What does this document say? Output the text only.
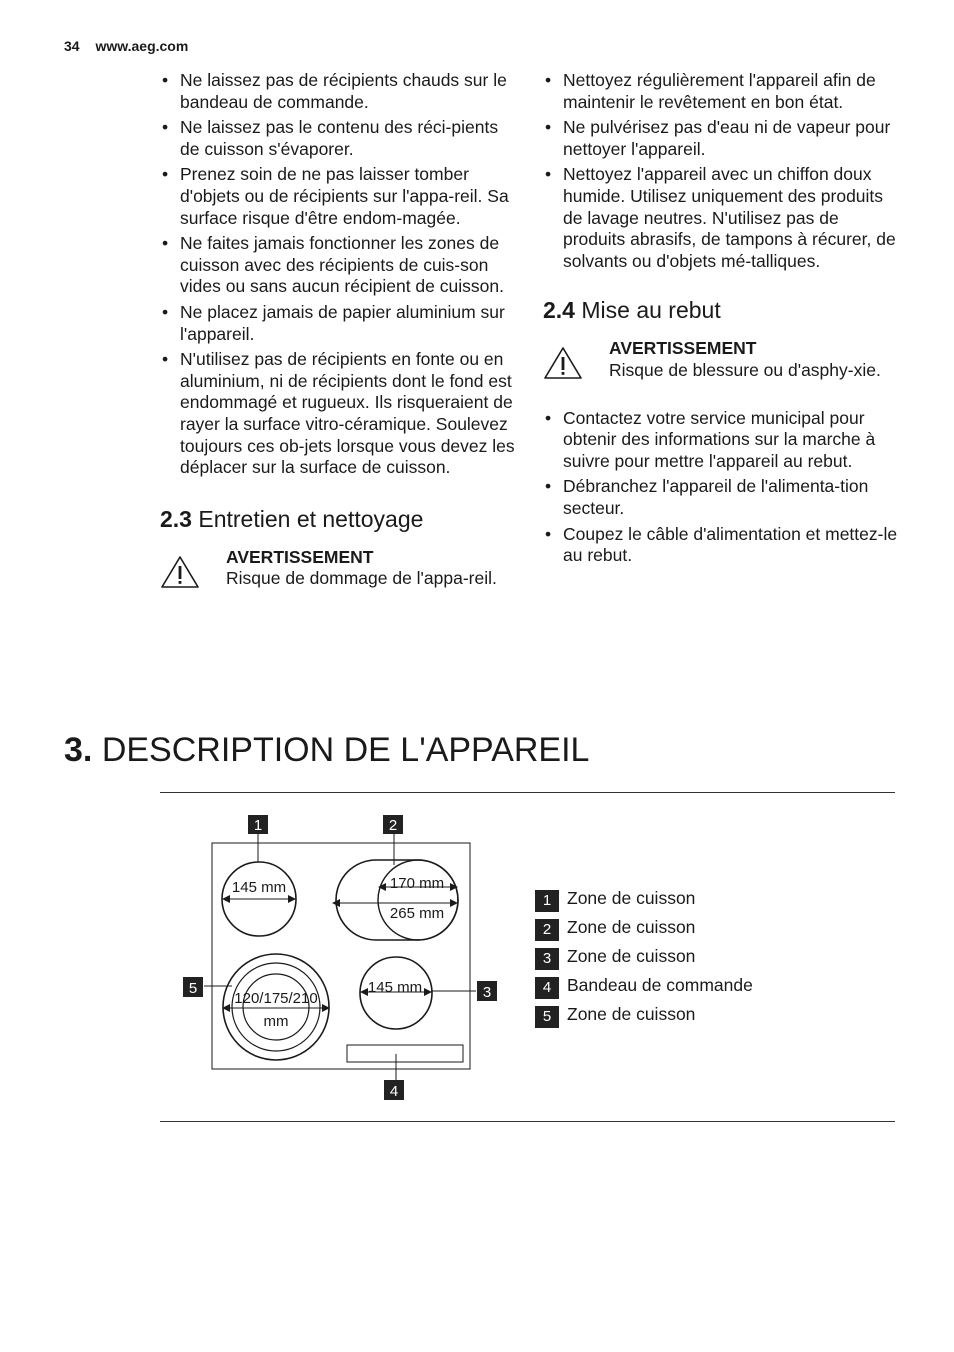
34 www.aeg.com
• Ne laissez pas de récipients chauds sur le bandeau de commande.
• Ne laissez pas le contenu des réci-pients de cuisson s'évaporer.
• Prenez soin de ne pas laisser tomber d'objets ou de récipients sur l'appa-reil. Sa surface risque d'être endom-magée.
• Ne faites jamais fonctionner les zones de cuisson avec des récipients de cuis-son vides ou sans aucun récipient de cuisson.
• Ne placez jamais de papier aluminium sur l'appareil.
• N'utilisez pas de récipients en fonte ou en aluminium, ni de récipients dont le fond est endommagé et rugueux. Ils risqueraient de rayer la surface vitro-céramique. Soulevez toujours ces ob-jets lorsque vous devez les déplacer sur la surface de cuisson.
2.3 Entretien et nettoyage
AVERTISSEMENT
Risque de dommage de l'appa-reil.
• Nettoyez régulièrement l'appareil afin de maintenir le revêtement en bon état.
• Ne pulvérisez pas d'eau ni de vapeur pour nettoyer l'appareil.
• Nettoyez l'appareil avec un chiffon doux humide. Utilisez uniquement des produits de lavage neutres. N'utilisez pas de produits abrasifs, de tampons à récurer, de solvants ou d'objets mé-talliques.
2.4 Mise au rebut
AVERTISSEMENT
Risque de blessure ou d'asphy-xie.
• Contactez votre service municipal pour obtenir des informations sur la marche à suivre pour mettre l'appareil au rebut.
• Débranchez l'appareil de l'alimenta-tion secteur.
• Coupez le câble d'alimentation et mettez-le au rebut.
3. DESCRIPTION DE L'APPAREIL
145 mm	170 mm
265 mm
120/175/210
mm
145 mm
1	2
3
4
5
1 Zone de cuisson
2 Zone de cuisson
3 Zone de cuisson
4 Bandeau de commande
5 Zone de cuisson
